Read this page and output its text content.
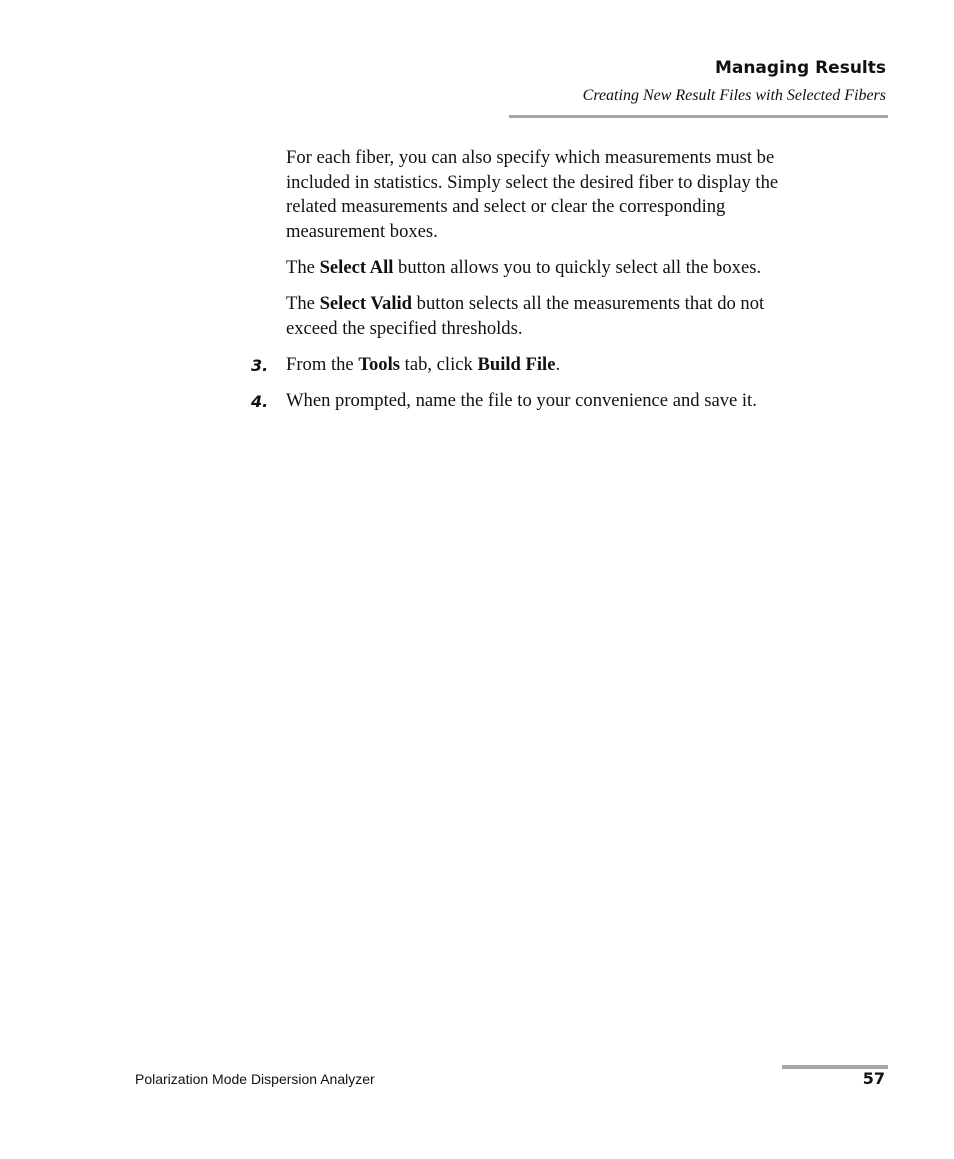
Managing Results
Creating New Result Files with Selected Fibers
For each fiber, you can also specify which measurements must be
included in statistics. Simply select the desired fiber to display the
related measurements and select or clear the corresponding
measurement boxes.
The Select All button allows you to quickly select all the boxes.
The Select Valid button selects all the measurements that do not
exceed the specified thresholds.
3. From the Tools tab, click Build File.
4. When prompted, name the file to your convenience and save it.
Polarization Mode Dispersion Analyzer	57
